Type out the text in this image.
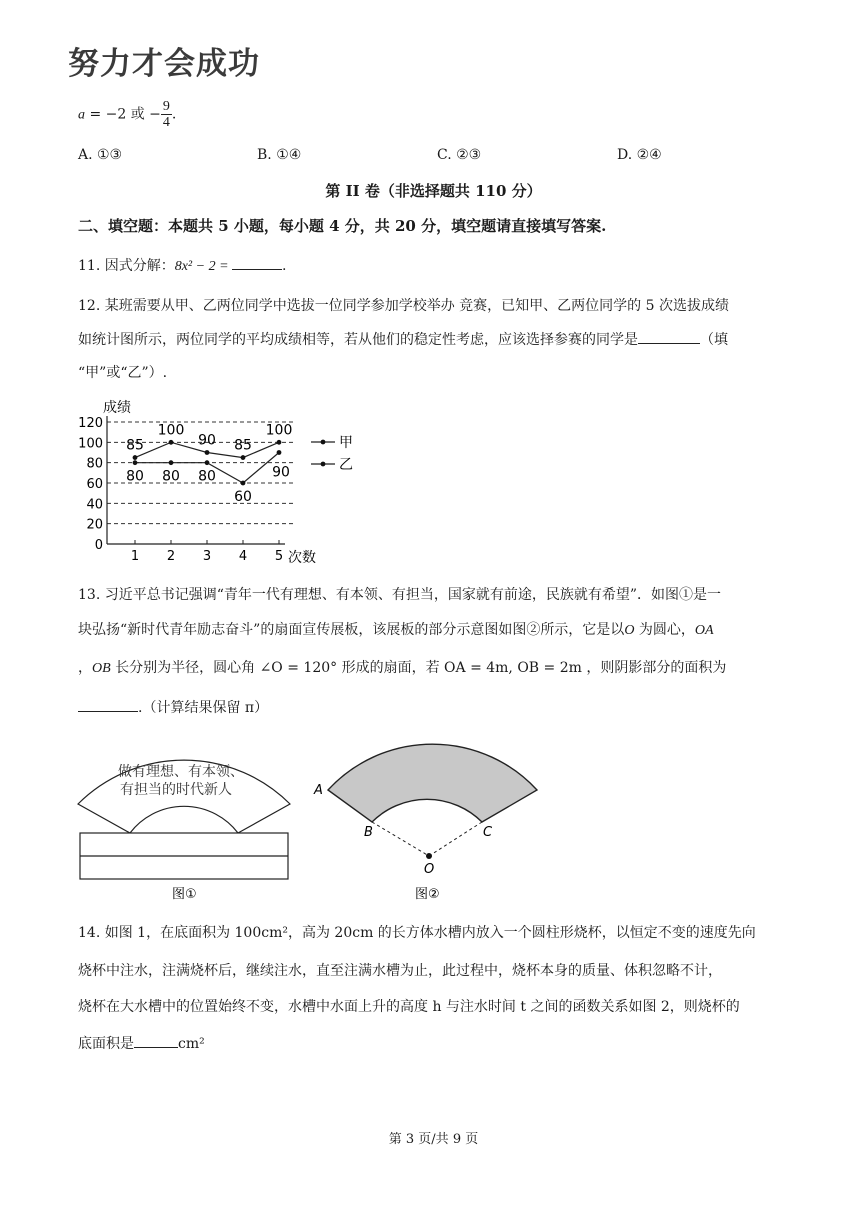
努力才会成功
a = −2 或 − $\frac{9}{4}$ .
A. ①③	B. ①④	C. ②③	D. ②④
第 II 卷（非选择题共 110 分）
二、填空题：本题共 5 小题，每小题 4 分，共 20 分，填空题请直接填写答案.
11. 因式分解：8x² − 2 =	.
12. 某班需要从甲、乙两位同学中选拔一位同学参加学校举办 竞赛，已知甲、乙两位同学的 5 次选拔成绩
如统计图所示，两位同学的平均成绩相等，若从他们的稳定性考虑，应该选择参赛的同学是	（填
“甲”或“乙”）.
成绩
0
20
40
60
80
100
120
1 2 3 4 5 次数
85
100
90 85
100
80 80 80
60
90
甲
乙
13. 习近平总书记强调“青年一代有理想、有本领、有担当，国家就有前途，民族就有希望”．如图①是一
块弘扬“新时代青年励志奋斗”的扇面宣传展板，该展板的部分示意图如图②所示，它是以O 为圆心，OA
，OB 长分别为半径，圆心角 ∠O = 120° 形成的扇面，若 OA = 4m, OB = 2m ，则阴影部分的面积为
.（计算结果保留 π）
做有理想、有本领、
有担当的时代新人
图①
A
B	C
O
图②
14. 如图 1，在底面积为 100cm²，高为 20cm 的长方体水槽内放入一个圆柱形烧杯，以恒定不变的速度先向
烧杯中注水，注满烧杯后，继续注水，直至注满水槽为止，此过程中，烧杯本身的质量、体积忽略不计，
烧杯在大水槽中的位置始终不变，水槽中水面上升的高度 h 与注水时间 t 之间的函数关系如图 2，则烧杯的
底面积是	cm²
第 3 页/共 9 页
